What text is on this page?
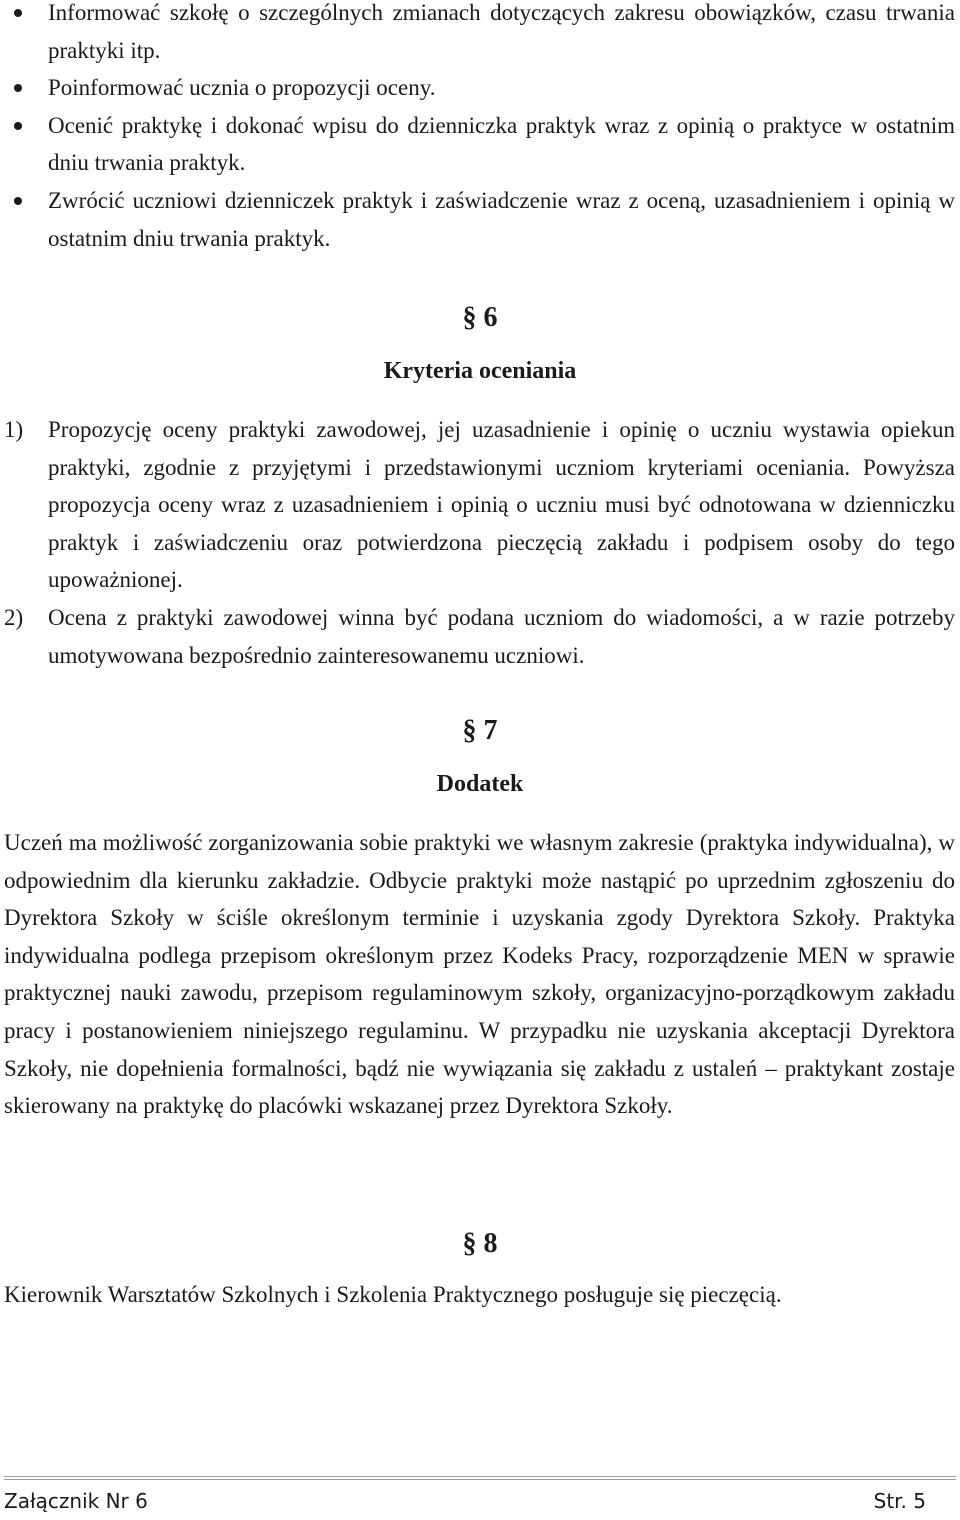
Informować szkołę o szczególnych zmianach dotyczących zakresu obowiązków, czasu trwania praktyki itp.
Poinformować ucznia o propozycji oceny.
Ocenić praktykę i dokonać wpisu do dzienniczka praktyk wraz z opinią o praktyce w ostatnim dniu trwania praktyk.
Zwrócić uczniowi dzienniczek praktyk i zaświadczenie wraz z oceną, uzasadnieniem i opinią w ostatnim dniu trwania praktyk.
§ 6
Kryteria oceniania
1) Propozycję oceny praktyki zawodowej, jej uzasadnienie i opinię o uczniu wystawia opiekun praktyki, zgodnie z przyjętymi i przedstawionymi uczniom kryteriami oceniania. Powyższa propozycja oceny wraz z uzasadnieniem i opinią o uczniu musi być odnotowana w dzienniczku praktyk i zaświadczeniu oraz potwierdzona pieczęcią zakładu i podpisem osoby do tego upoważnionej.
2) Ocena z praktyki zawodowej winna być podana uczniom do wiadomości, a w razie potrzeby umotywowana bezpośrednio zainteresowanemu uczniowi.
§ 7
Dodatek

Uczeń ma możliwość zorganizowania sobie praktyki we własnym zakresie (praktyka indywidualna), w odpowiednim dla kierunku zakładzie. Odbycie praktyki może nastąpić po uprzednim zgłoszeniu do Dyrektora Szkoły w ściśle określonym terminie i uzyskania zgody Dyrektora Szkoły. Praktyka indywidualna podlega przepisom określonym przez Kodeks Pracy, rozporządzenie MEN w sprawie praktycznej nauki zawodu, przepisom regulaminowym szkoły, organizacyjno-porządkowym zakładu pracy i postanowieniem niniejszego regulaminu. W przypadku nie uzyskania akceptacji Dyrektora Szkoły, nie dopełnienia formalności, bądź nie wywiązania się zakładu z ustaleń – praktykant zostaje skierowany na praktykę do placówki wskazanej przez Dyrektora Szkoły.

§ 8

Kierownik Warsztatów Szkolnych i Szkolenia Praktycznego posługuje się pieczęcią.

Załącznik Nr 6	Str. 5
